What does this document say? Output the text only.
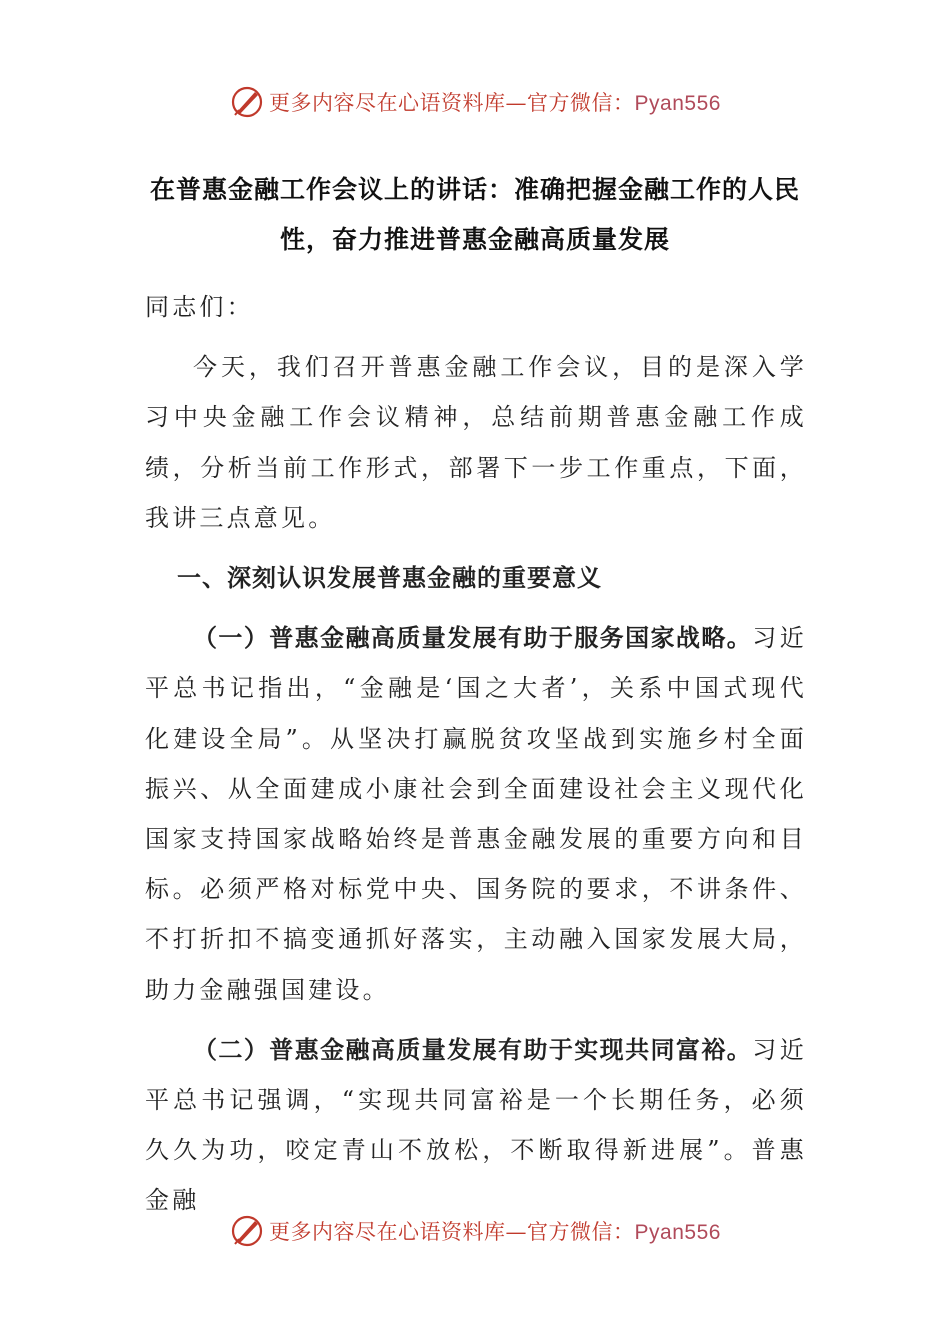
更多内容尽在心语资料库—官方微信：Pyan556
在普惠金融工作会议上的讲话：准确把握金融工作的人民
性，奋力推进普惠金融高质量发展

同志们：

今天，我们召开普惠金融工作会议，目的是深入学习中央金融工作会议精神，总结前期普惠金融工作成绩，分析当前工作形式，部署下一步工作重点，下面，我讲三点意见。

一、深刻认识发展普惠金融的重要意义

（一）普惠金融高质量发展有助于服务国家战略。习近平总书记指出，“金融是‘国之大者’，关系中国式现代化建设全局”。从坚决打赢脱贫攻坚战到实施乡村全面振兴、从全面建成小康社会到全面建设社会主义现代化国家支持国家战略始终是普惠金融发展的重要方向和目标。必须严格对标党中央、国务院的要求，不讲条件、不打折扣不搞变通抓好落实，主动融入国家发展大局，助力金融强国建设。

（二）普惠金融高质量发展有助于实现共同富裕。习近平总书记强调，“实现共同富裕是一个长期任务，必须久久为功，咬定青山不放松，不断取得新进展”。普惠金融

更多内容尽在心语资料库—官方微信：Pyan556
